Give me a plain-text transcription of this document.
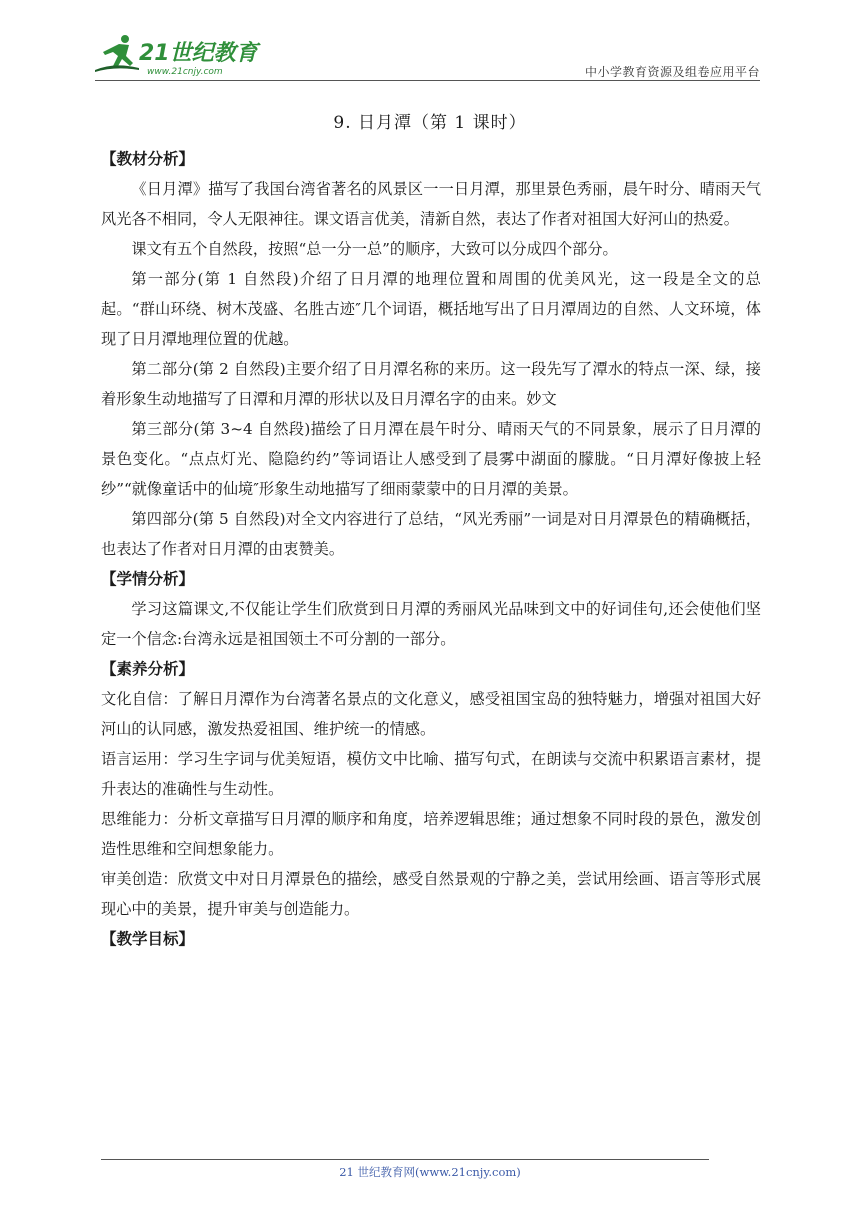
21世纪教育
www.21cnjy.com	中小学教育资源及组卷应用平台
9. 日月潭（第 1 课时）
【教材分析】

《日月潭》描写了我国台湾省著名的风景区一一日月潭，那里景色秀丽，晨午时分、晴雨天气风光各不相同，令人无限神往。课文语言优美，清新自然，表达了作者对祖国大好河山的热爱。

课文有五个自然段，按照“总一分一总”的顺序，大致可以分成四个部分。

第一部分(第 1 自然段)介绍了日月潭的地理位置和周围的优美风光，这一段是全文的总起。“群山环绕、树木茂盛、名胜古迹″几个词语，概括地写出了日月潭周边的自然、人文环境，体现了日月潭地理位置的优越。

第二部分(第 2 自然段)主要介绍了日月潭名称的来历。这一段先写了潭水的特点一深、绿，接着形象生动地描写了日潭和月潭的形状以及日月潭名字的由来。妙文

第三部分(第 3~4 自然段)描绘了日月潭在晨午时分、晴雨天气的不同景象，展示了日月潭的景色变化。“点点灯光、隐隐约约”等词语让人感受到了晨雾中湖面的朦胧。“日月潭好像披上轻纱”“就像童话中的仙境″形象生动地描写了细雨蒙蒙中的日月潭的美景。

第四部分(第 5 自然段)对全文内容进行了总结，“风光秀丽”一词是对日月潭景色的精确概括，也表达了作者对日月潭的由衷赞美。

【学情分析】

学习这篇课文,不仅能让学生们欣赏到日月潭的秀丽风光品味到文中的好词佳句,还会使他们坚定一个信念:台湾永远是祖国领土不可分割的一部分。

【素养分析】

文化自信：了解日月潭作为台湾著名景点的文化意义，感受祖国宝岛的独特魅力，增强对祖国大好河山的认同感，激发热爱祖国、维护统一的情感。

语言运用：学习生字词与优美短语，模仿文中比喻、描写句式，在朗读与交流中积累语言素材，提升表达的准确性与生动性。

思维能力：分析文章描写日月潭的顺序和角度，培养逻辑思维；通过想象不同时段的景色，激发创造性思维和空间想象能力。

审美创造：欣赏文中对日月潭景色的描绘，感受自然景观的宁静之美，尝试用绘画、语言等形式展现心中的美景，提升审美与创造能力。

【教学目标】
21 世纪教育网(www.21cnjy.com)
